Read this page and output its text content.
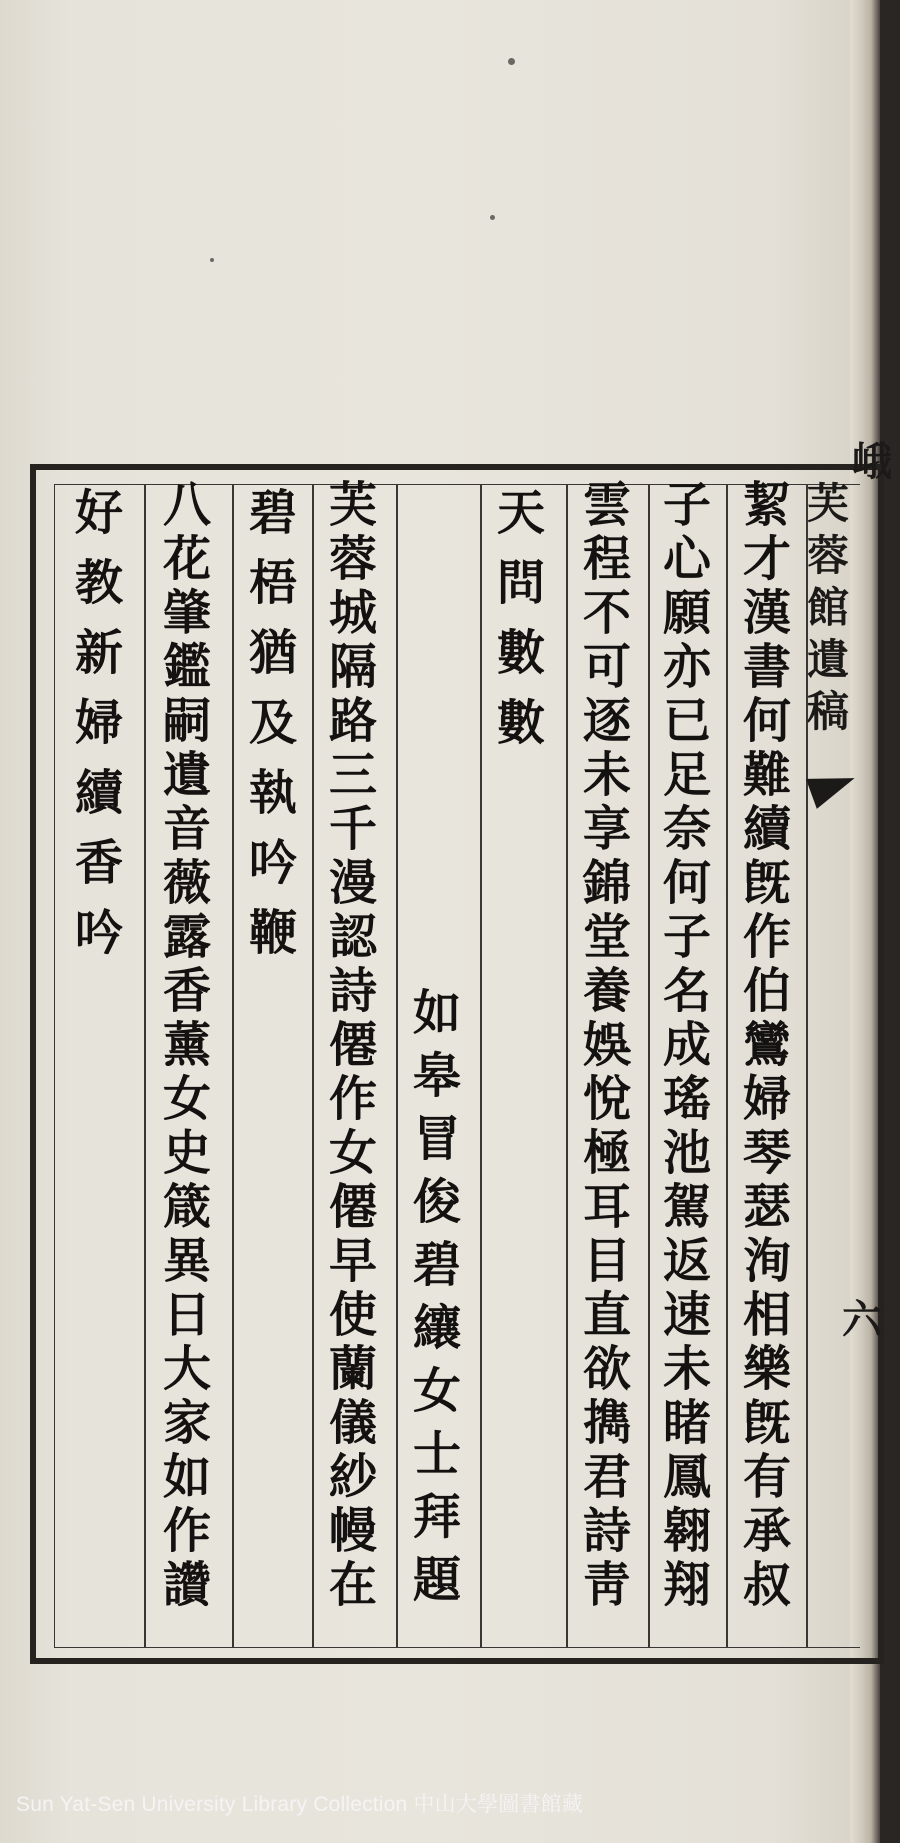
芙
蓉
館
遺
稿
峨
六
絜
才
漢
書
何
難
續
旣
作
伯
鸞
婦
琴
瑟
洵
相
樂
旣
有
承
叔
子
心
願
亦
已
足
奈
何
子
名
成
瑤
池
駕
返
速
未
睹
鳳
翱
翔
雲
程
不
可
逐
未
享
錦
堂
養
娛
悅
極
耳
目
直
欲
擕
君
詩
靑
天
問
數
數
如
皋
冒
俊
碧
纕
女
士
拜
題
芙
蓉
城
隔
路
三
千
漫
認
詩
僊
作
女
僊
早
使
蘭
儀
紗
幔
在
碧
梧
猶
及
執
吟
鞭
八
花
肇
鑑
嗣
遺
音
薇
露
香
薰
女
史
箴
異
日
大
家
如
作
讚
好
教
新
婦
續
香
吟
Sun Yat-Sen University Library Collection 中山大學圖書館藏
